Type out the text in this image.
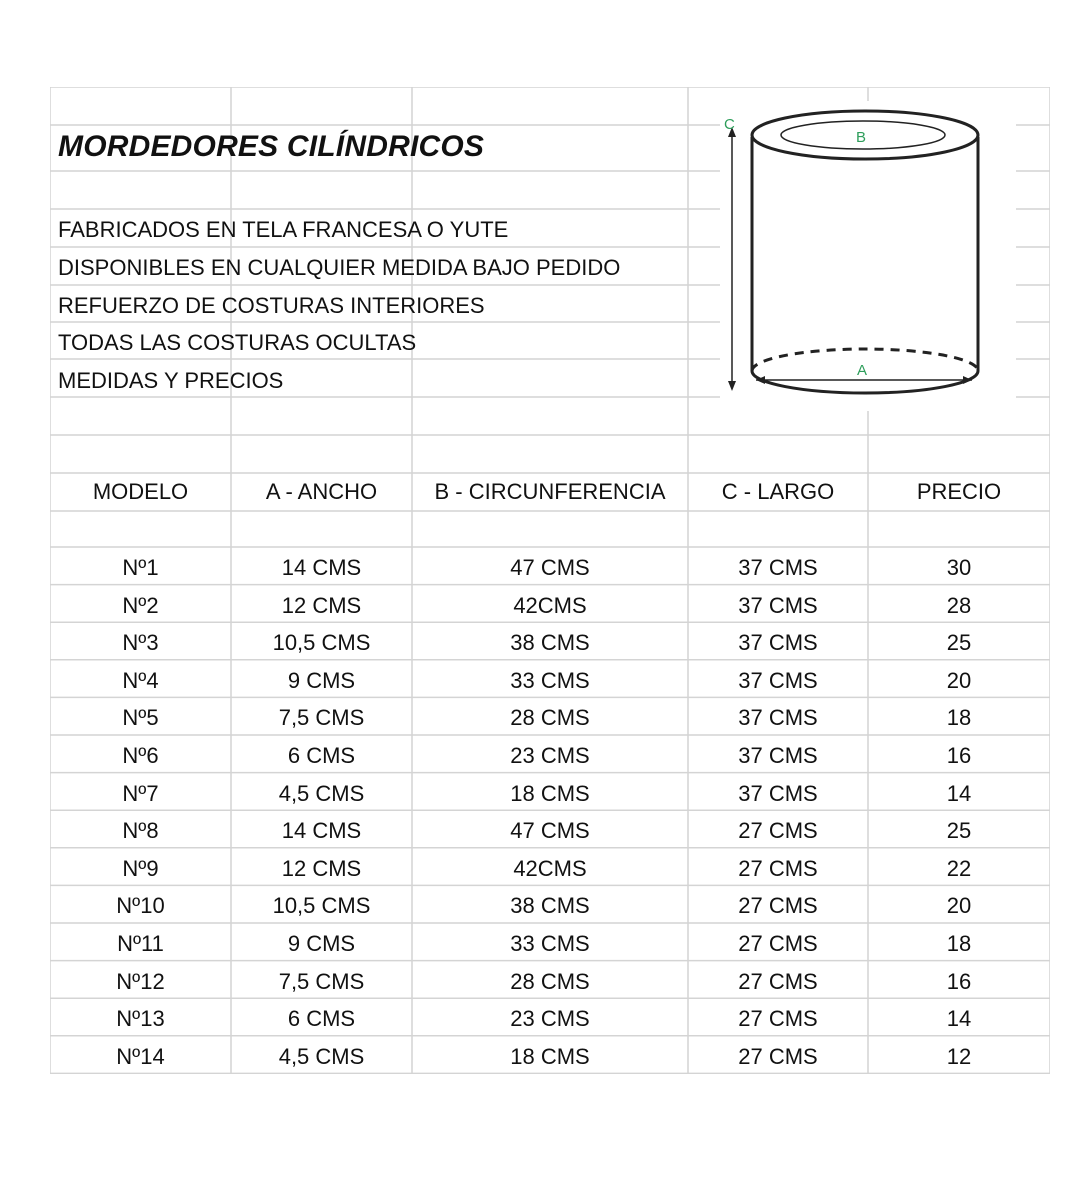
MORDEDORES CILÍNDRICOS
FABRICADOS EN TELA FRANCESA O YUTE
DISPONIBLES EN CUALQUIER MEDIDA BAJO PEDIDO
REFUERZO DE COSTURAS INTERIORES
TODAS LAS COSTURAS OCULTAS
MEDIDAS Y PRECIOS
MODELO	A - ANCHO	B - CIRCUNFERENCIA	C - LARGO	PRECIO
Nº1	14 CMS	47 CMS	37 CMS	30
Nº2	12 CMS	42CMS	37 CMS	28
Nº3	10,5 CMS	38 CMS	37 CMS	25
Nº4	9 CMS	33 CMS	37 CMS	20
Nº5	7,5 CMS	28 CMS	37 CMS	18
Nº6	6 CMS	23 CMS	37 CMS	16
Nº7	4,5 CMS	18 CMS	37 CMS	14
Nº8	14 CMS	47 CMS	27 CMS	25
Nº9	12 CMS	42CMS	27 CMS	22
Nº10	10,5 CMS	38 CMS	27 CMS	20
Nº11	9 CMS	33 CMS	27 CMS	18
Nº12	7,5 CMS	28 CMS	27 CMS	16
Nº13	6 CMS	23 CMS	27 CMS	14
Nº14	4,5 CMS	18 CMS	27 CMS	12
C
B
A
